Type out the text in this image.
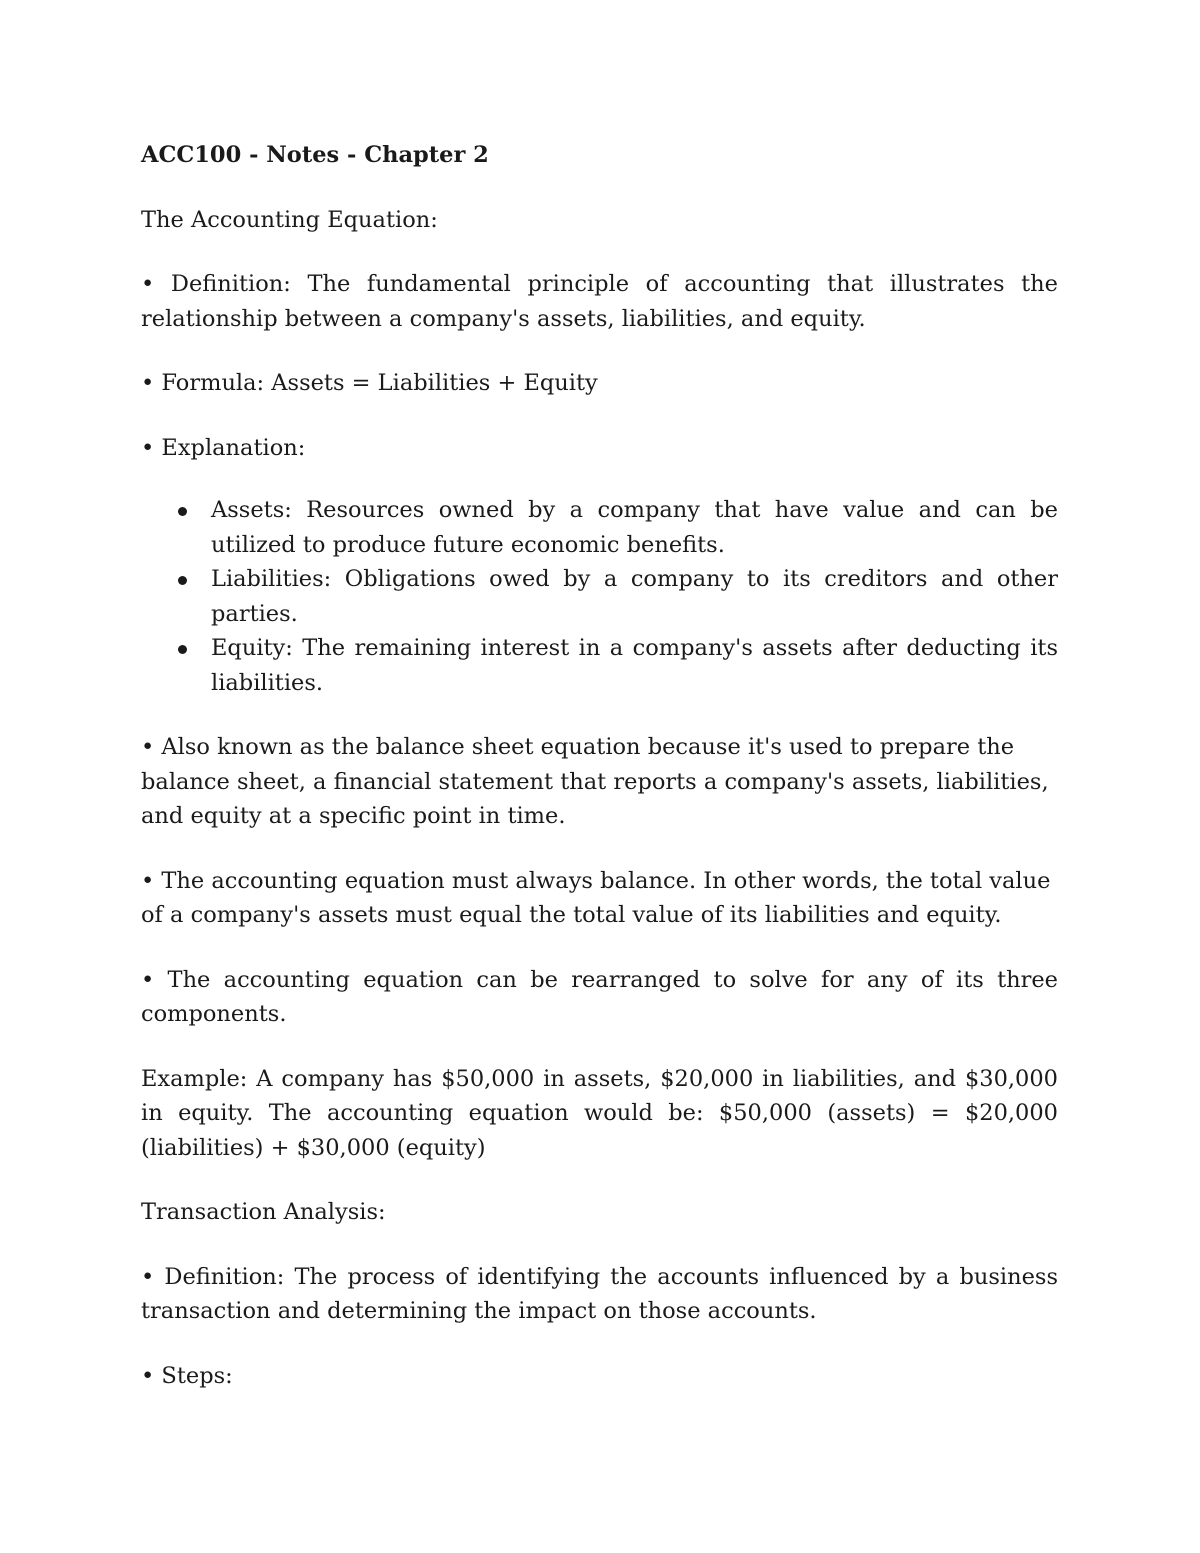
ACC100 - Notes - Chapter 2

The Accounting Equation:

• Definition: The fundamental principle of accounting that illustrates the relationship between a company's assets, liabilities, and equity.

• Formula: Assets = Liabilities + Equity

• Explanation:

Assets: Resources owned by a company that have value and can be utilized to produce future economic benefits.
Liabilities: Obligations owed by a company to its creditors and other parties.
Equity: The remaining interest in a company's assets after deducting its liabilities.

• Also known as the balance sheet equation because it's used to prepare the balance sheet, a financial statement that reports a company's assets, liabilities, and equity at a specific point in time.

• The accounting equation must always balance. In other words, the total value of a company's assets must equal the total value of its liabilities and equity.

• The accounting equation can be rearranged to solve for any of its three components.

Example: A company has $50,000 in assets, $20,000 in liabilities, and $30,000 in equity. The accounting equation would be: $50,000 (assets) = $20,000 (liabilities) + $30,000 (equity)

Transaction Analysis:

• Definition: The process of identifying the accounts influenced by a business transaction and determining the impact on those accounts.

• Steps:
